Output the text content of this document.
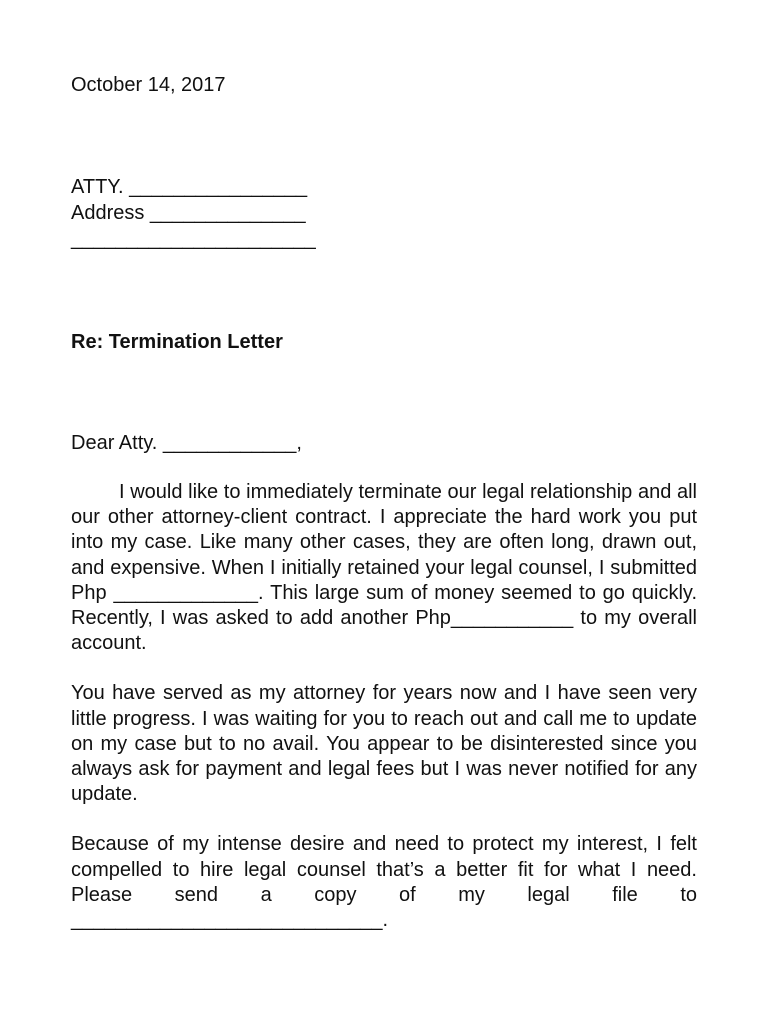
October 14, 2017

ATTY. ________________

Address ______________

______________________

Re: Termination Letter

Dear Atty. ____________,

I would like to immediately terminate our legal relationship and all our other attorney-client contract. I appreciate the hard work you put into my case. Like many other cases, they are often long, drawn out, and expensive. When I initially retained your legal counsel, I submitted Php _____________. This large sum of money seemed to go quickly. Recently, I was asked to add another Php___________ to my overall account.

You have served as my attorney for years now and I have seen very little progress. I was waiting for you to reach out and call me to update on my case but to no avail. You appear to be disinterested since you always ask for payment and legal fees but I was never notified for any update.

Because of my intense desire and need to protect my interest, I felt compelled to hire legal counsel that’s a better fit for what I need. Please send a copy of my legal file to ____________________________.
